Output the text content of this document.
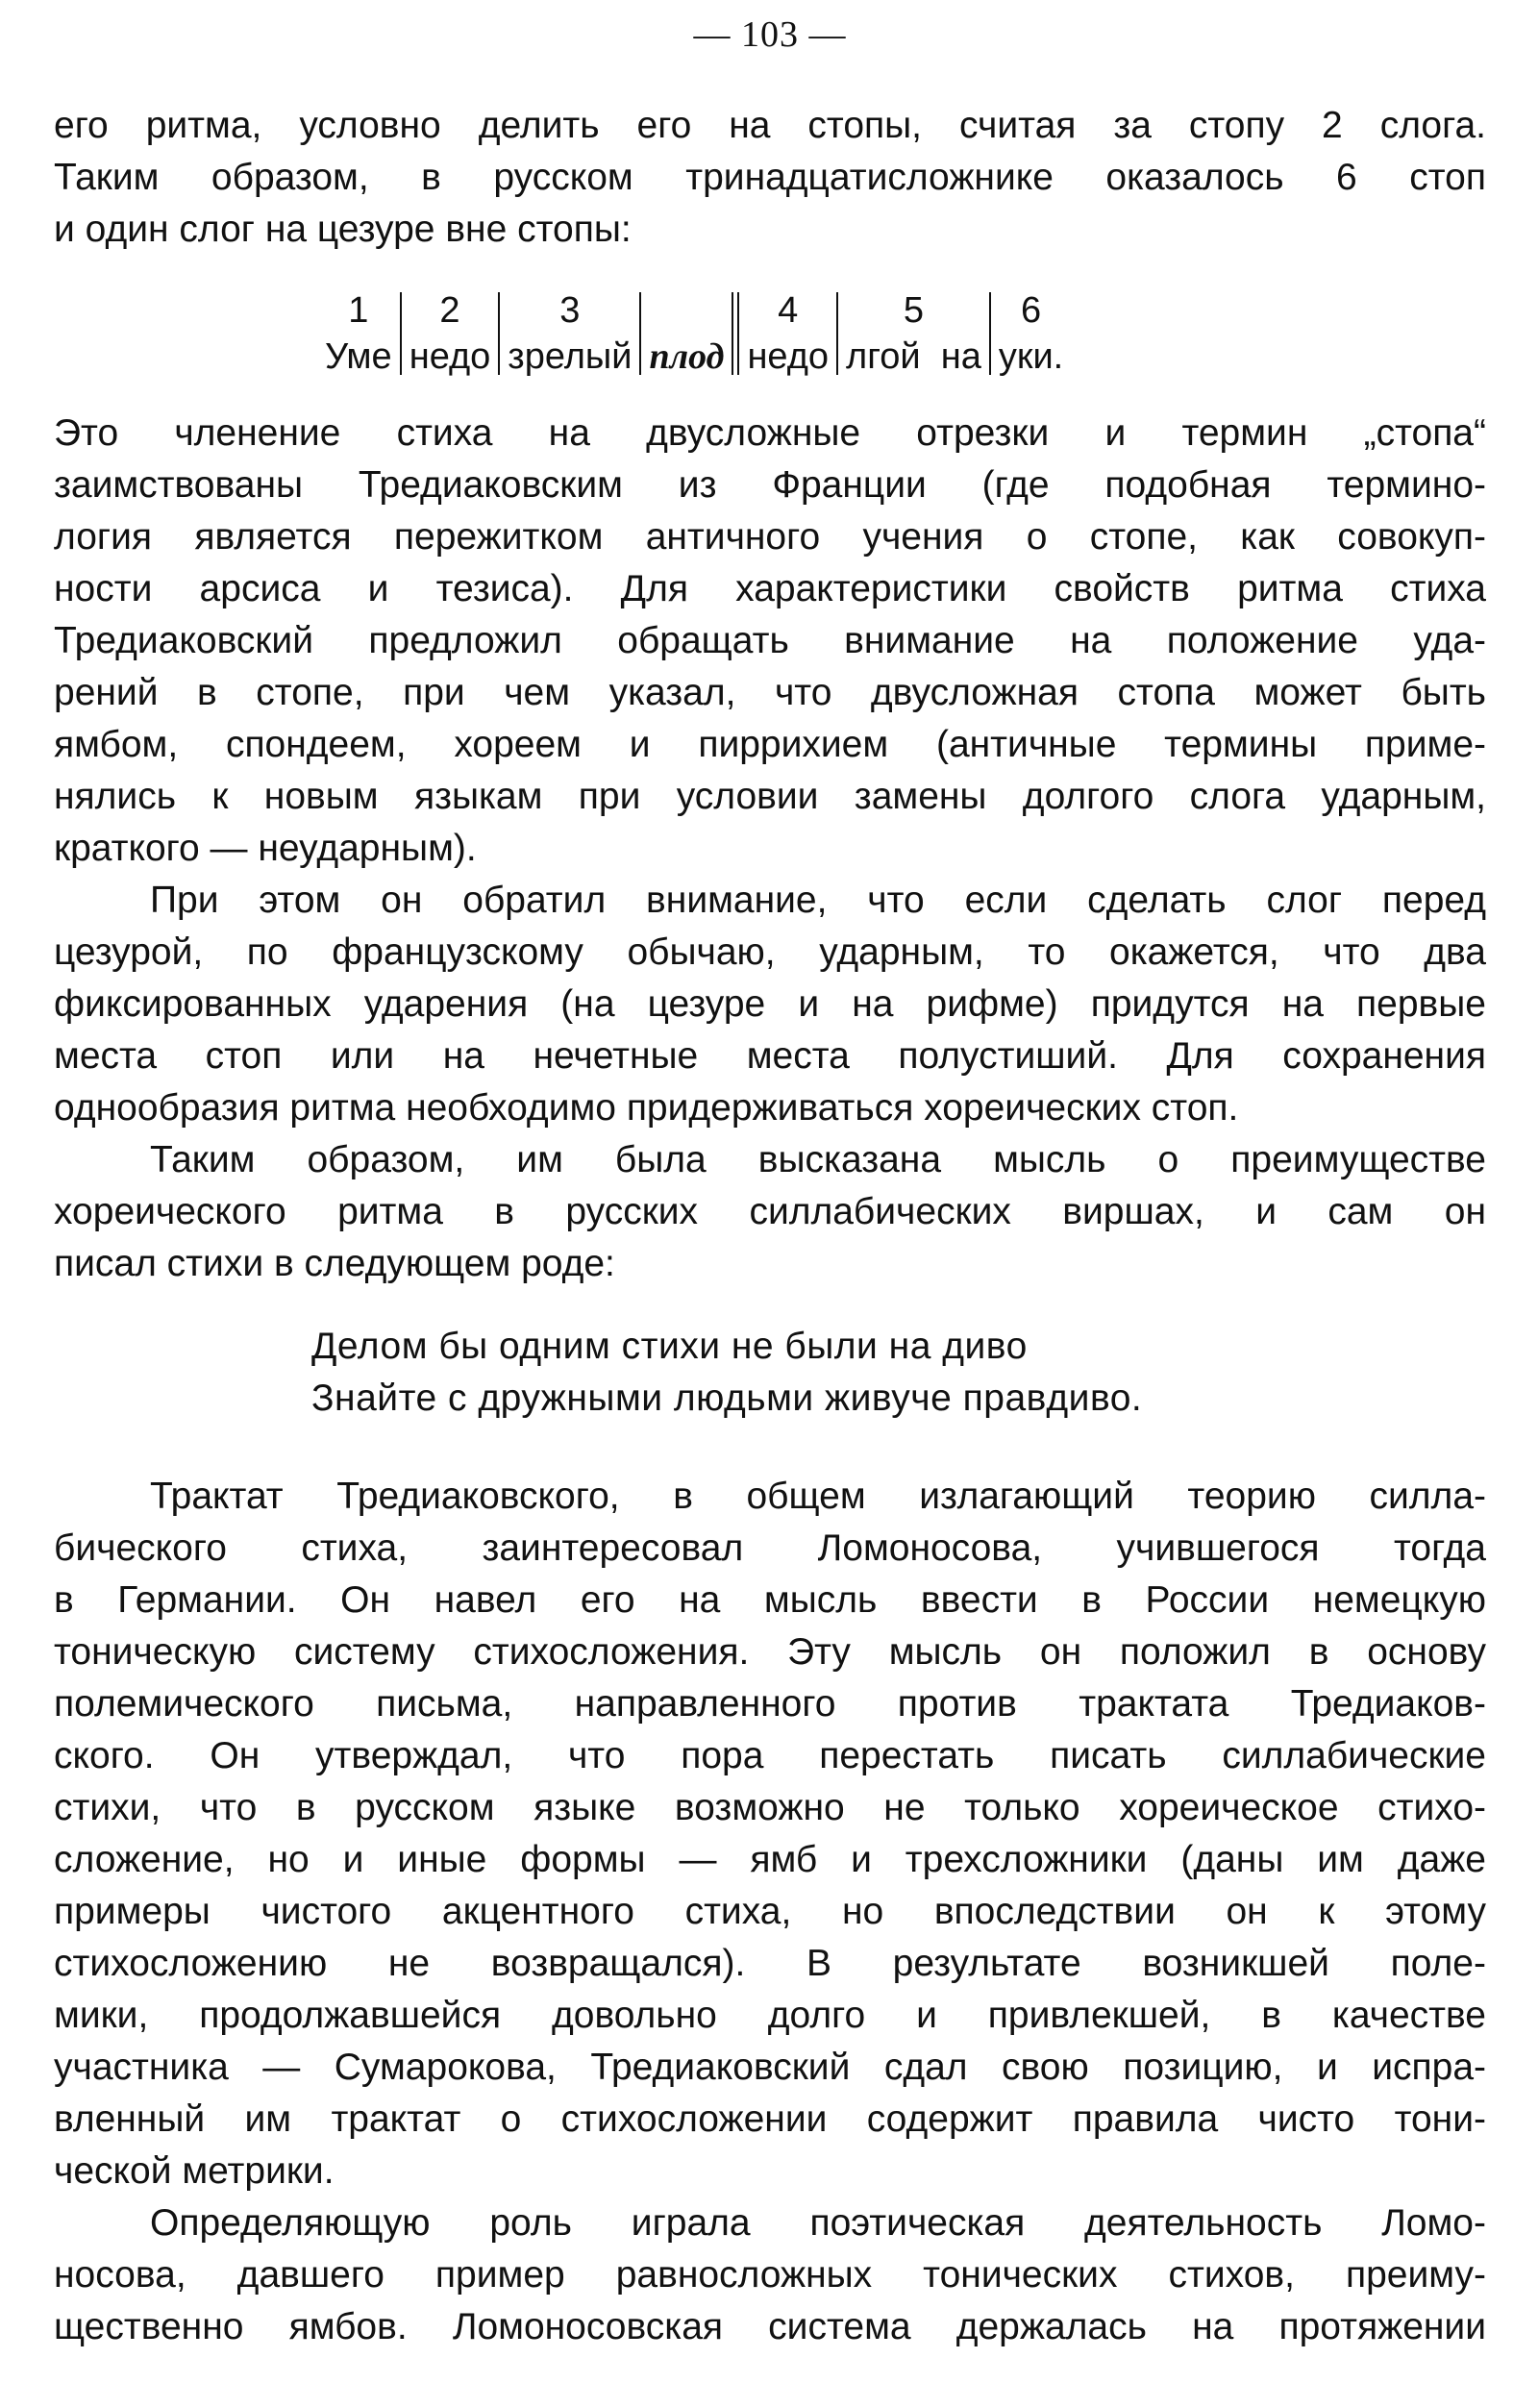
— 103 —
его ритма, условно делить его на стопы, считая за стопу 2 слога.
Таким образом, в русском тринадцатисложнике оказалось 6 стоп
и один слог на цезуре вне стопы:
1
Уме
2
недо
3
зрелый плод
4
недо
5
лгой  на
6
уки.
Это членение стиха на двусложные отрезки и термин „стопа“
заимствованы Тредиаковским из Франции (где подобная термино-
логия является пережитком античного учения о стопе, как совокуп-
ности арсиса и тезиса). Для характеристики свойств ритма стиха
Тредиаковский предложил обращать внимание на положение уда-
рений в стопе, при чем указал, что двусложная стопа может быть
ямбом, спондеем, хореем и пиррихием (античные термины приме-
нялись к новым языкам при условии замены долгого слога ударным,
краткого — неударным).
При этом он обратил внимание, что если сделать слог перед
цезурой, по французскому обычаю, ударным, то окажется, что два
фиксированных ударения (на цезуре и на рифме) придутся на первые
места стоп или на нечетные места полустиший. Для сохранения
однообразия ритма необходимо придерживаться хореических стоп.
Таким образом, им была высказана мысль о преимуществе
хореического ритма в русских силлабических виршах, и сам он
писал стихи в следующем роде:
Делом бы одним стихи не были на диво
Знайте с дружными людьми живуче правдиво.
Трактат Тредиаковского, в общем излагающий теорию силла-
бического стиха, заинтересовал Ломоносова, учившегося тогда
в Германии. Он навел его на мысль ввести в России немецкую
тоническую систему стихосложения. Эту мысль он положил в основу
полемического письма, направленного против трактата Тредиаков-
ского. Он утверждал, что пора перестать писать силлабические
стихи, что в русском языке возможно не только хореическое стихо-
сложение, но и иные формы — ямб и трехсложники (даны им даже
примеры чистого акцентного стиха, но впоследствии он к этому
стихосложению не возвращался). В результате возникшей поле-
мики, продолжавшейся довольно долго и привлекшей, в качестве
участника — Сумарокова, Тредиаковский сдал свою позицию, и испра-
вленный им трактат о стихосложении содержит правила чисто тони-
ческой метрики.
Определяющую роль играла поэтическая деятельность Ломо-
носова, давшего пример равносложных тонических стихов, преиму-
щественно ямбов. Ломоносовская система держалась на протяжении
